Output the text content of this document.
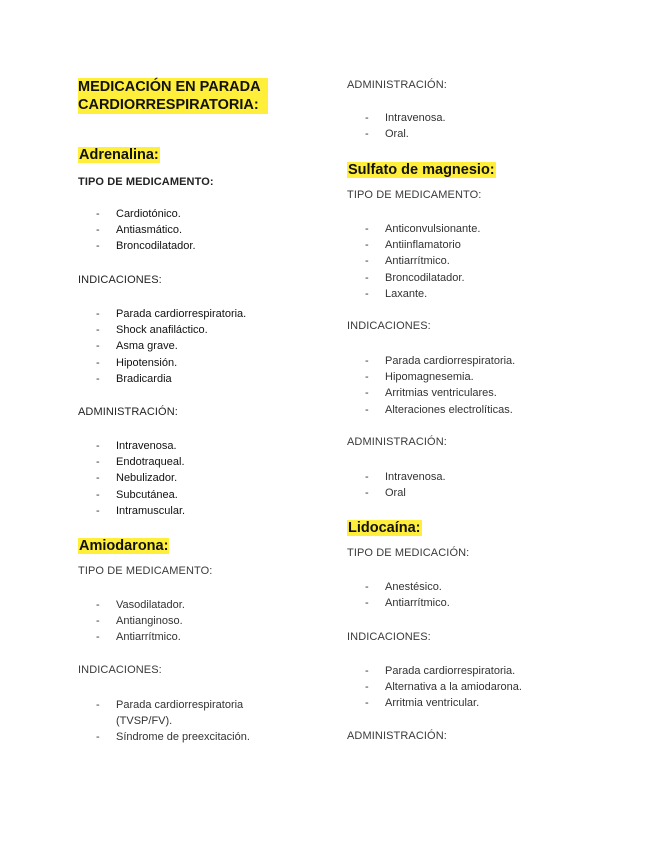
MEDICACIÓN EN PARADA CARDIORRESPIRATORIA:
Adrenalina:
TIPO DE MEDICAMENTO:
- Cardiotónico.
- Antiasmático.
- Broncodilatador.
INDICACIONES:
- Parada cardiorrespiratoria.
- Shock anafiláctico.
- Asma grave.
- Hipotensión.
- Bradicardia
ADMINISTRACIÓN:
- Intravenosa.
- Endotraqueal.
- Nebulizador.
- Subcutánea.
- Intramuscular.
Amiodarona:
TIPO DE MEDICAMENTO:
- Vasodilatador.
- Antianginoso.
- Antiarrítmico.
INDICACIONES:
- Parada cardiorrespiratoria (TVSP/FV).
- Síndrome de preexcitación.
ADMINISTRACIÓN:
- Intravenosa.
- Oral.
Sulfato de magnesio:
TIPO DE MEDICAMENTO:
- Anticonvulsionante.
- Antiinflamatorio
- Antiarrítmico.
- Broncodilatador.
- Laxante.
INDICACIONES:
- Parada cardiorrespiratoria.
- Hipomagnesemia.
- Arritmias ventriculares.
- Alteraciones electrolíticas.
ADMINISTRACIÓN:
- Intravenosa.
- Oral
Lidocaína:
TIPO DE MEDICACIÓN:
- Anestésico.
- Antiarrítmico.
INDICACIONES:
- Parada cardiorrespiratoria.
- Alternativa a la amiodarona.
- Arritmia ventricular.
ADMINISTRACIÓN:
